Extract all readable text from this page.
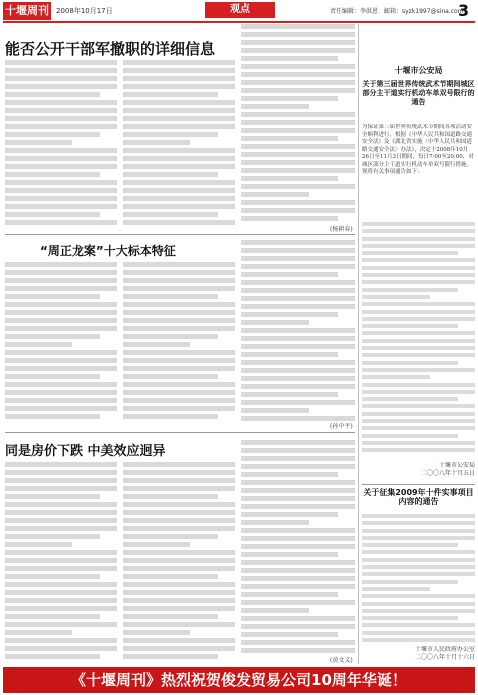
十堰周刊 2008年10月17日	观点	责任编辑：李洪恩　邮箱：syzk1997@sina.com
3
能否公开干部军撤职的详细信息
(杨耕春)
“周正龙案”十大标本特征
(孙中平)
同是房价下跌 中美效应迥异
(黄文义)
十堰市公安局
关于第三届世界传统武术节期间城区部分主干道实行机动车单双号限行的通告
为保证第三届世界传统武术节期间各项活动安全顺利进行，根据《中华人民共和国道路交通安全法》及《湖北省实施〈中华人民共和国道路交通安全法〉办法》，决定于2008年10月26日至11月3日期间，每日7:00至20:00，对城区部分主干道实行机动车单双号限行措施。现将有关事项通告如下：
十堰市公安局
二〇〇八年十月五日
关于征集2009年十件实事项目内容的通告
十堰市人民政府办公室
二〇〇八年十月十六日
《十堰周刊》热烈祝贺俊发贸易公司10周年华诞！
